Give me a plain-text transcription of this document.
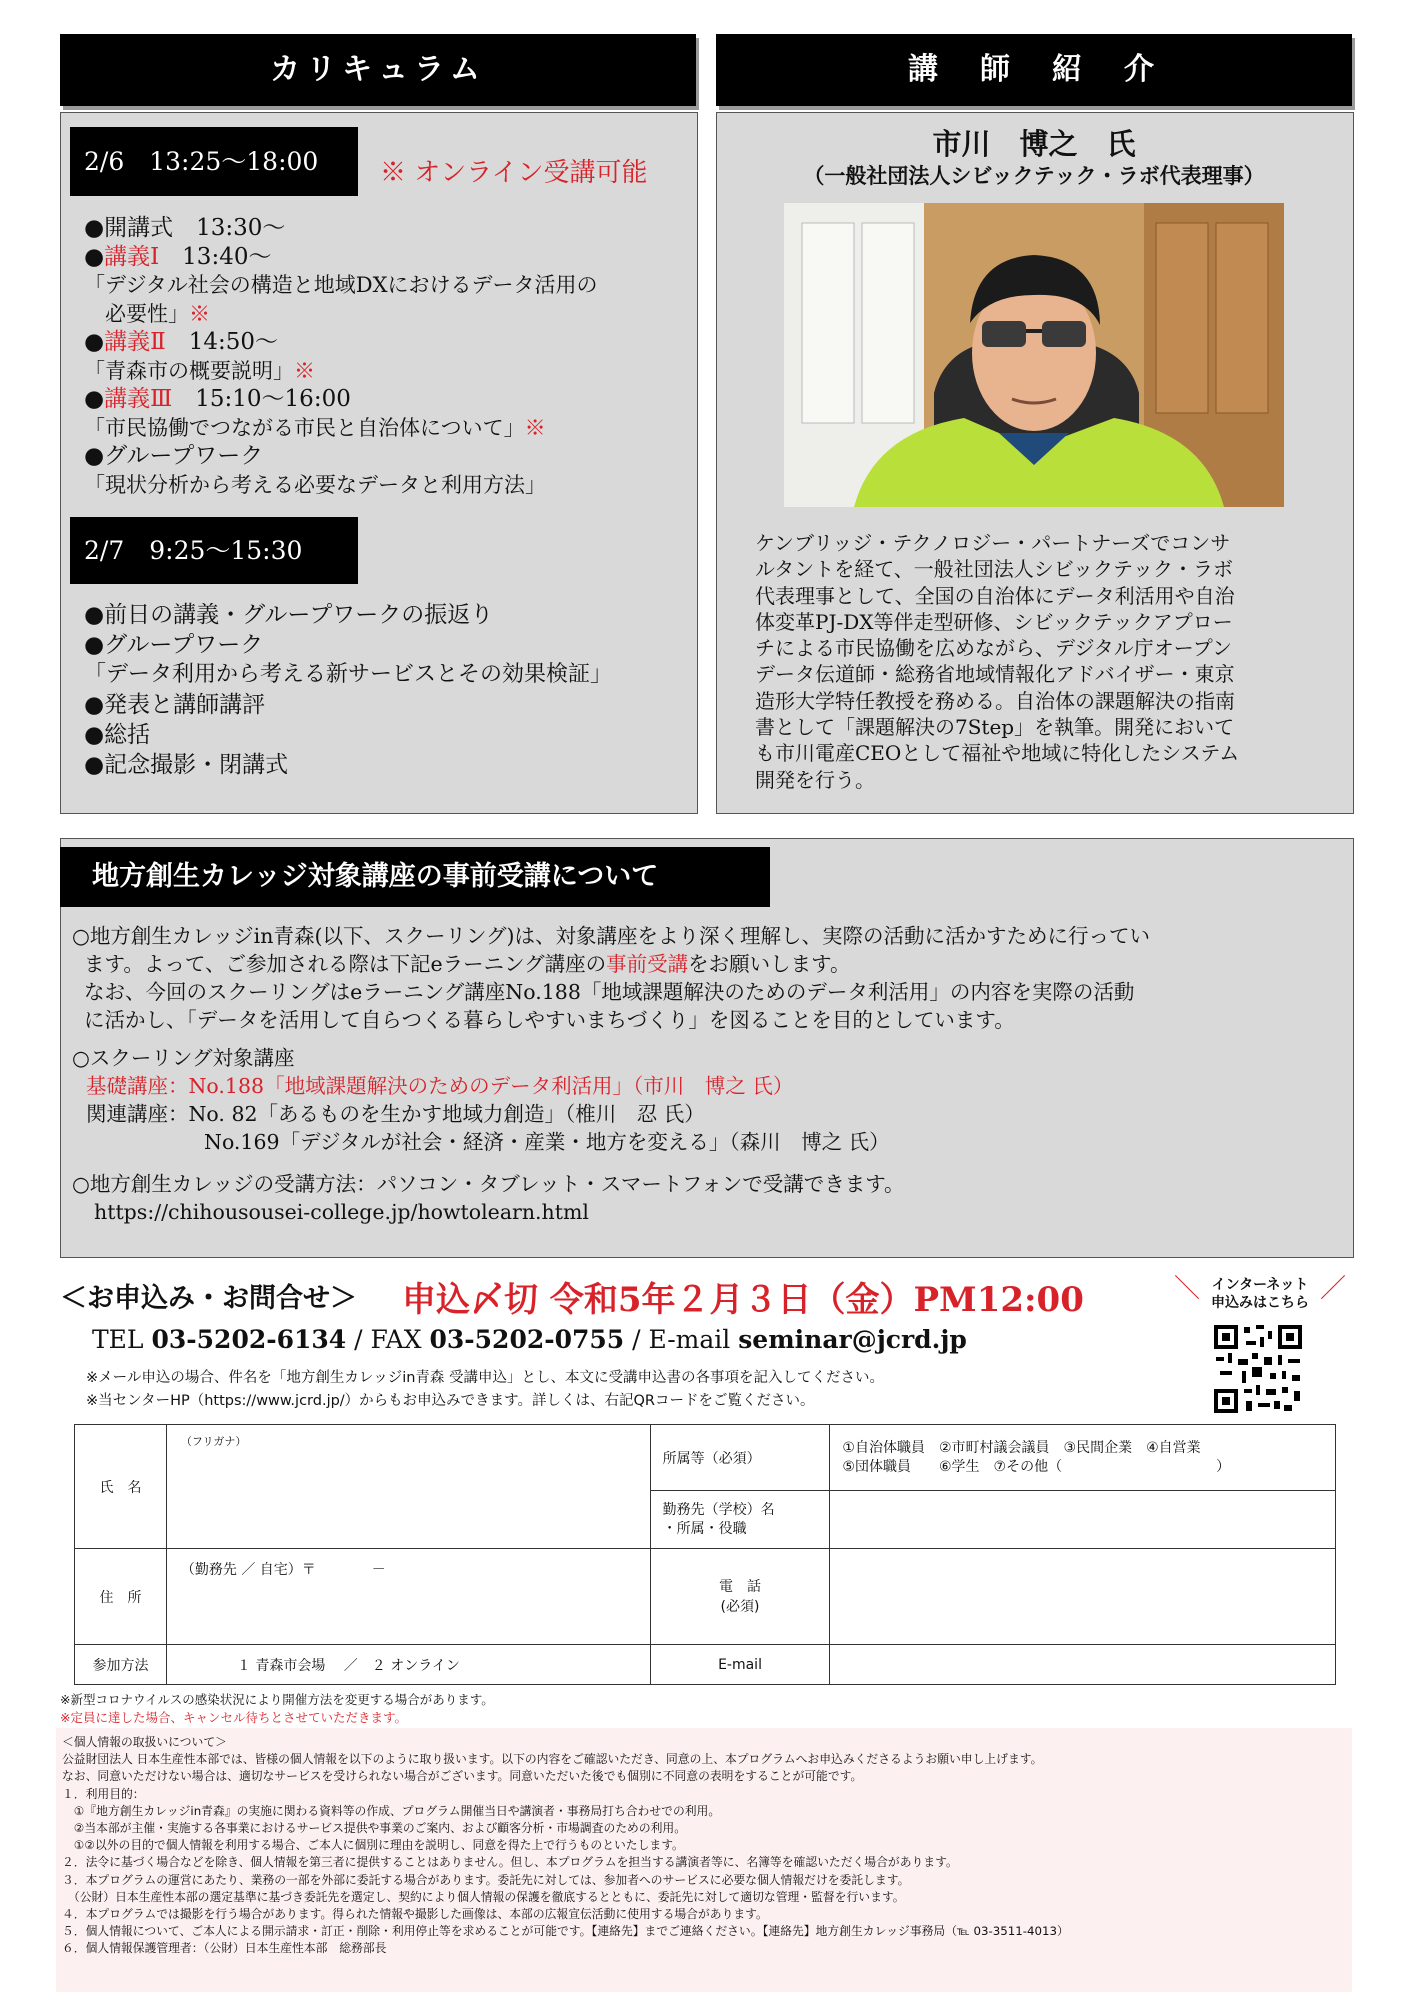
カリキュラム
2/6　13:25～18:00	※ オンライン受講可能
●開講式　13:30～
●講義Ⅰ　13:40～
「デジタル社会の構造と地域DXにおけるデータ活用の
　必要性」※
●講義Ⅱ　14:50～
「青森市の概要説明」※
●講義Ⅲ　15:10～16:00
「市民協働でつながる市民と自治体について」※
●グループワーク
「現状分析から考える必要なデータと利用方法」
2/7　9:25～15:30
●前日の講義・グループワークの振返り
●グループワーク
「データ利用から考える新サービスとその効果検証」
●発表と講師講評
●総括
●記念撮影・閉講式
講　師　紹　介
市川　博之　氏
（一般社団法人シビックテック・ラボ代表理事）
ケンブリッジ・テクノロジー・パートナーズでコンサ
ルタントを経て、一般社団法人シビックテック・ラボ
代表理事として、全国の自治体にデータ利活用や自治
体変革PJ-DX等伴走型研修、シビックテックアプロー
チによる市民協働を広めながら、デジタル庁オープン
データ伝道師・総務省地域情報化アドバイザー・東京
造形大学特任教授を務める。自治体の課題解決の指南
書として「課題解決の7Step」を執筆。開発において
も市川電産CEOとして福祉や地域に特化したシステム
開発を行う。
地方創生カレッジ対象講座の事前受講について
○地方創生カレッジin青森(以下、スクーリング)は、対象講座をより深く理解し、実際の活動に活かすために行ってい
ます。よって、ご参加される際は下記eラーニング講座の事前受講をお願いします。
なお、今回のスクーリングはeラーニング講座No.188「地域課題解決のためのデータ利活用」の内容を実際の活動
に活かし、「データを活用して自らつくる暮らしやすいまちづくり」を図ることを目的としています。
○スクーリング対象講座
基礎講座：No.188「地域課題解決のためのデータ利活用」（市川　博之 氏）
関連講座：No. 82「あるものを生かす地域力創造」（椎川　忍 氏）
No.169「デジタルが社会・経済・産業・地方を変える」（森川　博之 氏）
○地方創生カレッジの受講方法：パソコン・タブレット・スマートフォンで受講できます。
https://chihousousei-college.jp/howtolearn.html
＜お申込み・お問合せ＞ 申込〆切 令和5年２月３日（金）PM12:00	＼ インターネット
申込みはこちら ／
TEL 03-5202-6134 / FAX 03-5202-0755 / E-mail seminar@jcrd.jp
※メール申込の場合、件名を「地方創生カレッジin青森 受講申込」とし、本文に受講申込書の各事項を記入してください。
※当センターHP（https://www.jcrd.jp/）からもお申込みできます。詳しくは、右記QRコードをご覧ください。
氏　名	（フリガナ）	所属等（必須）	①自治体職員　②市町村議会議員　③民間企業　④自営業
⑤団体職員　　⑥学生　⑦その他（　　　　　　　　　　　）

		勤務先（学校）名
・所属・役職	

住　所	（勤務先 ／ 自宅）〒　　　　－	電　話
(必須)	

参加方法	１ 青森市会場　 ／　２ オンライン	E-mail	
※新型コロナウイルスの感染状況により開催方法を変更する場合があります。
※定員に達した場合、キャンセル待ちとさせていただきます。
＜個人情報の取扱いについて＞
公益財団法人 日本生産性本部では、皆様の個人情報を以下のように取り扱います。以下の内容をご確認いただき、同意の上、本プログラムへお申込みくださるようお願い申し上げます。
なお、同意いただけない場合は、適切なサービスを受けられない場合がございます。同意いただいた後でも個別に不同意の表明をすることが可能です。
１．利用目的：
　①『地方創生カレッジin青森』の実施に関わる資料等の作成、プログラム開催当日や講演者・事務局打ち合わせでの利用。
　②当本部が主催・実施する各事業におけるサービス提供や事業のご案内、および顧客分析・市場調査のための利用。
　①②以外の目的で個人情報を利用する場合、ご本人に個別に理由を説明し、同意を得た上で行うものといたします。
２．法令に基づく場合などを除き、個人情報を第三者に提供することはありません。但し、本プログラムを担当する講演者等に、名簿等を確認いただく場合があります。
３．本プログラムの運営にあたり、業務の一部を外部に委託する場合があります。委託先に対しては、参加者へのサービスに必要な個人情報だけを委託します。
　（公財）日本生産性本部の選定基準に基づき委託先を選定し、契約により個人情報の保護を徹底するとともに、委託先に対して適切な管理・監督を行います。
４．本プログラムでは撮影を行う場合があります。得られた情報や撮影した画像は、本部の広報宣伝活動に使用する場合があります。
５．個人情報について、ご本人による開示請求・訂正・削除・利用停止等を求めることが可能です。【連絡先】までご連絡ください。【連絡先】地方創生カレッジ事務局（℡ 03-3511-4013）
６．個人情報保護管理者：（公財）日本生産性本部　総務部長
